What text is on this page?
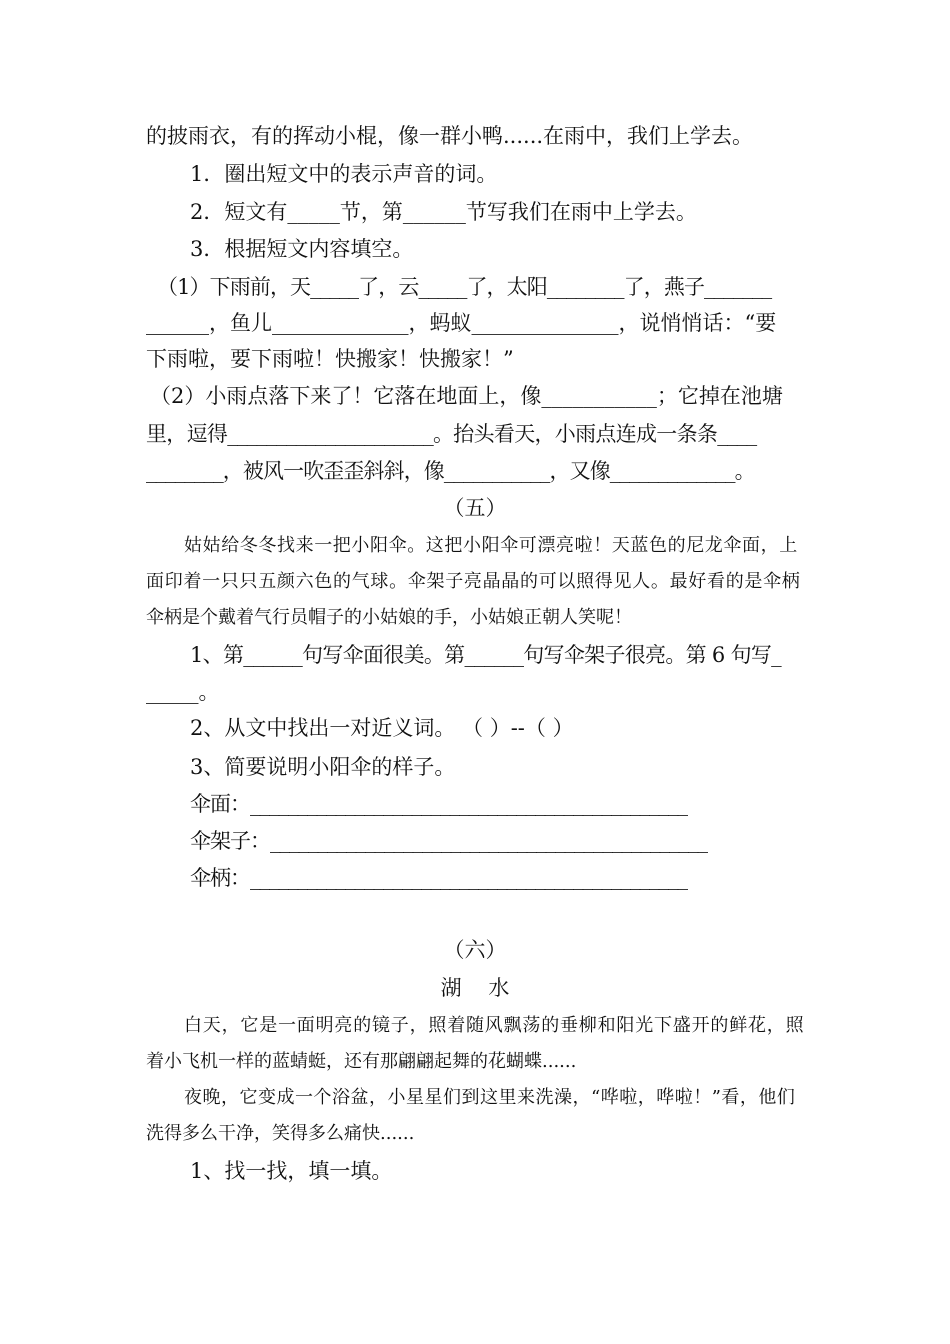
的披雨衣，有的挥动小棍，像一群小鸭......在雨中，我们上学去。

1．圈出短文中的表示声音的词。

2．短文有_____节，第______节写我们在雨中上学去。

3．根据短文内容填空。

（1）下雨前，天_____了，云_____了，太阳________了，燕子_______

______，鱼儿_____________，蚂蚁______________，说悄悄话：“要

下雨啦，要下雨啦！快搬家！快搬家！”

（2）小雨点落下来了！它落在地面上，像___________；它掉在池塘

里，逗得_____________________。抬头看天，小雨点连成一条条____

________，被风一吹歪歪斜斜，像___________，又像_____________。

（五）

姑姑给冬冬找来一把小阳伞。这把小阳伞可漂亮啦！天蓝色的尼龙伞面，上

面印着一只只五颜六色的气球。伞架子亮晶晶的可以照得见人。最好看的是伞柄

伞柄是个戴着气行员帽子的小姑娘的手，小姑娘正朝人笑呢！

1、第______句写伞面很美。第______句写伞架子很亮。第 6 句写_

_____。

2、从文中找出一对近义词。 （ ）--（ ）

3、简要说明小阳伞的样子。

伞面：______________________________________________

伞架子：______________________________________________

伞柄：______________________________________________

（六）

湖    水

白天，它是一面明亮的镜子，照着随风飘荡的垂柳和阳光下盛开的鲜花，照

着小飞机一样的蓝蜻蜓，还有那翩翩起舞的花蝴蝶......

夜晚，它变成一个浴盆，小星星们到这里来洗澡，“哗啦，哗啦！”看，他们

洗得多么干净，笑得多么痛快......

1、找一找，填一填。
